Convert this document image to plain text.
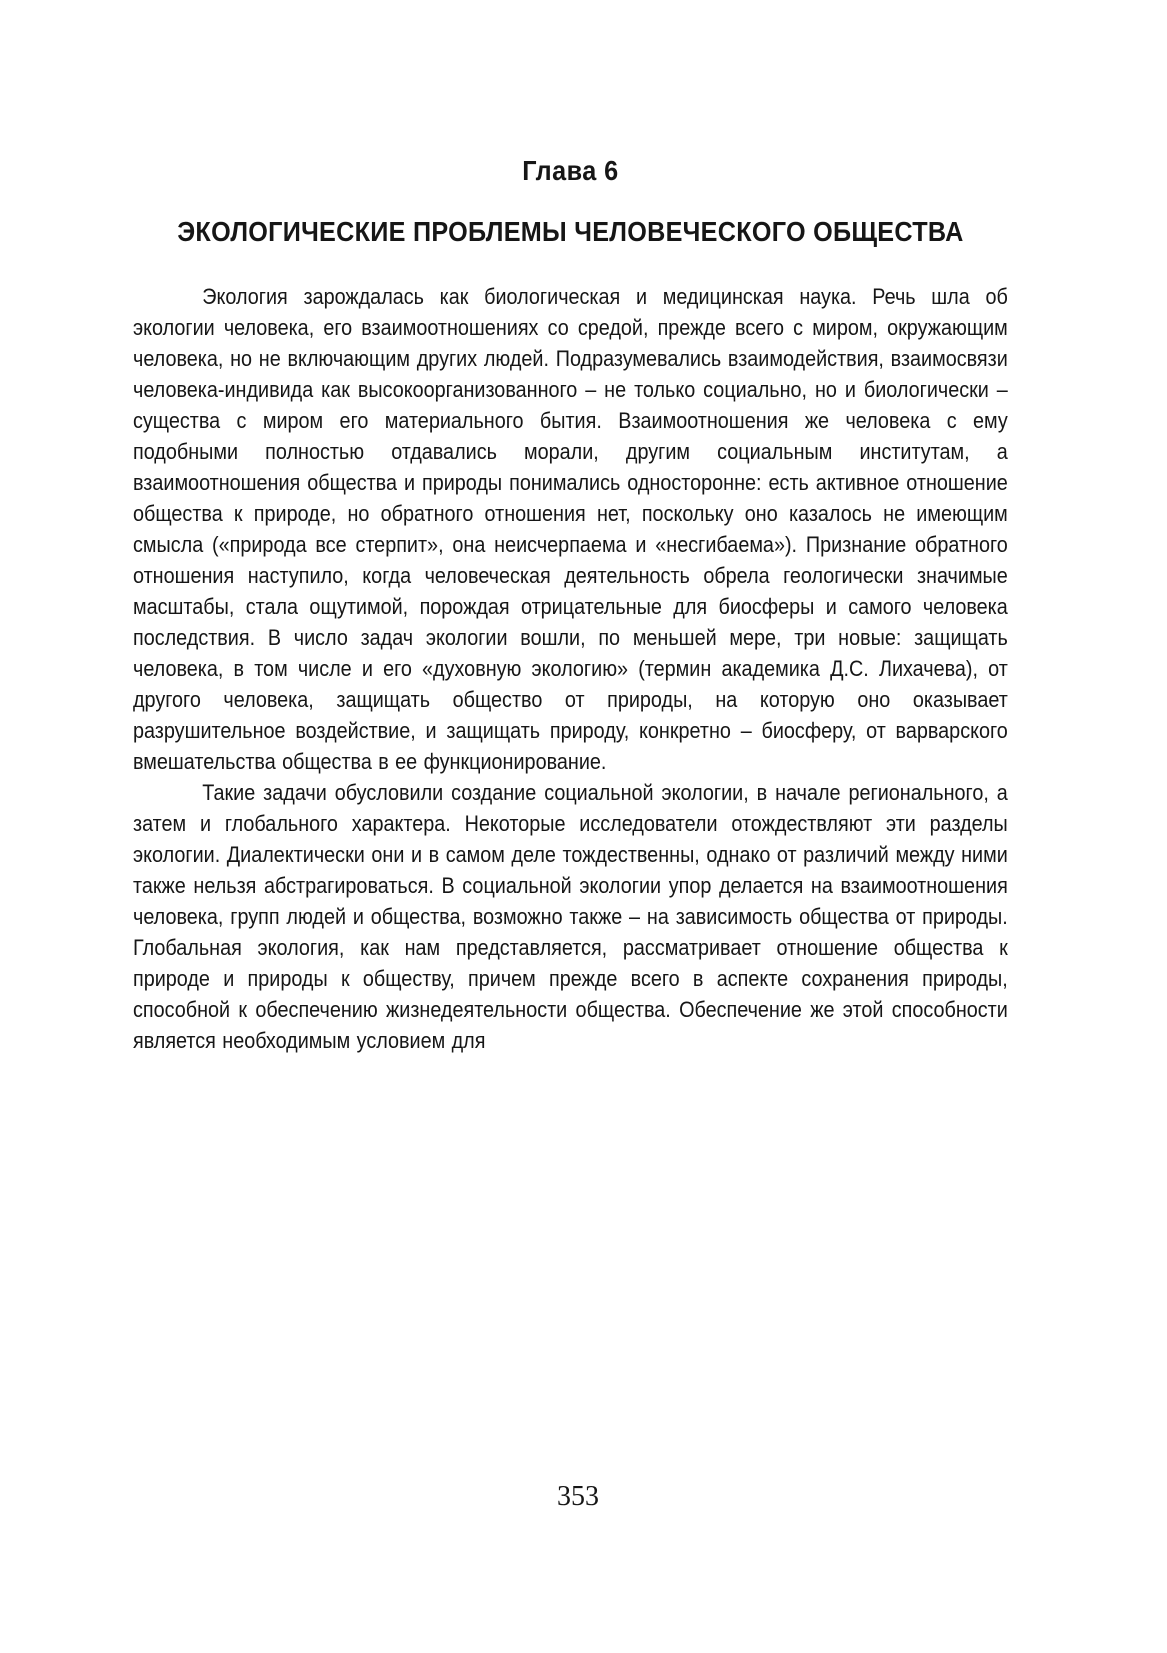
Глава 6
ЭКОЛОГИЧЕСКИЕ ПРОБЛЕМЫ ЧЕЛОВЕЧЕСКОГО ОБЩЕСТВА

Экология зарождалась как биологическая и медицинская наука. Речь шла об экологии человека, его взаимоотношениях со средой, прежде всего с миром, окружающим человека, но не включающим других людей. Подразумевались взаимодействия, взаимосвязи человека-индивида как высокоорганизованного – не только социально, но и биологически – существа с миром его материального бытия. Взаимоотношения же человека с ему подобными полностью отдавались морали, другим социальным институтам, а взаимоотношения общества и природы понимались односторонне: есть активное отношение общества к природе, но обратного отношения нет, поскольку оно казалось не имеющим смысла («природа все стерпит», она неисчерпаема и «несгибаема»). Признание обратного отношения наступило, когда человеческая деятельность обрела геологически значимые масштабы, стала ощутимой, порождая отрицательные для биосферы и самого человека последствия. В число задач экологии вошли, по меньшей мере, три новые: защищать человека, в том числе и его «духовную экологию» (термин академика Д.С. Лихачева), от другого человека, защищать общество от природы, на которую оно оказывает разрушительное воздействие, и защищать природу, конкретно – биосферу, от варварского вмешательства общества в ее функционирование.

Такие задачи обусловили создание социальной экологии, в начале регионального, а затем и глобального характера. Некоторые исследователи отождествляют эти разделы экологии. Диалектически они и в самом деле тождественны, однако от различий между ними также нельзя абстрагироваться. В социальной экологии упор делается на взаимоотношения человека, групп людей и общества, возможно также – на зависимость общества от природы. Глобальная экология, как нам представляется, рассматривает отношение общества к природе и природы к обществу, причем прежде всего в аспекте сохранения природы, способной к обеспечению жизнедеятельности общества. Обеспечение же этой способности является необходимым условием для

353
